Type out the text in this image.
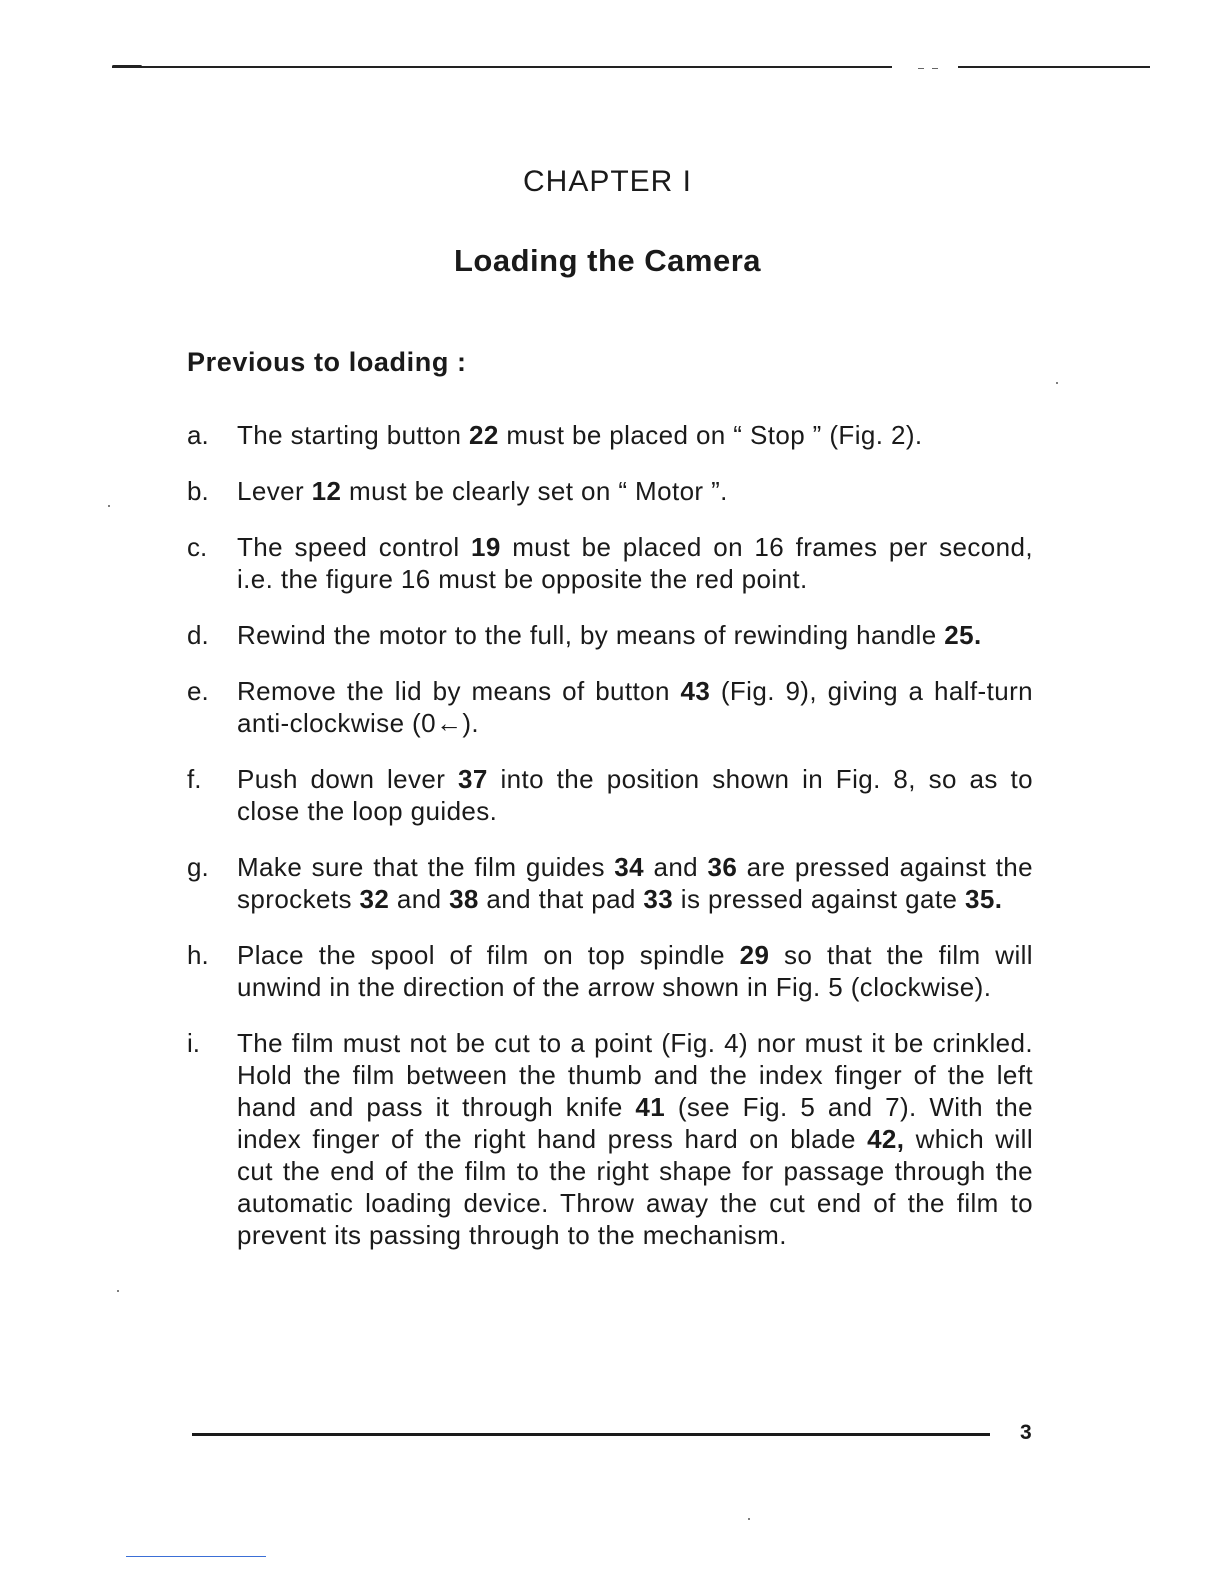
CHAPTER I
Loading the Camera
Previous to loading :
a.	The starting button 22 must be placed on “ Stop ” (Fig. 2).
b.	Lever 12 must be clearly set on “ Motor ”.
c.	The speed control 19 must be placed on 16 frames per second, i.e. the figure 16 must be opposite the red point.
d.	Rewind the motor to the full, by means of rewinding handle 25.
e.	Remove the lid by means of button 43 (Fig. 9), giving a half-turn anti-clockwise (0←).
f.	Push down lever 37 into the position shown in Fig. 8, so as to close the loop guides.
g.	Make sure that the film guides 34 and 36 are pressed against the sprockets 32 and 38 and that pad 33 is pressed against gate 35.
h.	Place the spool of film on top spindle 29 so that the film will unwind in the direction of the arrow shown in Fig. 5 (clockwise).
i.	The film must not be cut to a point (Fig. 4) nor must it be crinkled. Hold the film between the thumb and the index finger of the left hand and pass it through knife 41 (see Fig. 5 and 7). With the index finger of the right hand press hard on blade 42, which will cut the end of the film to the right shape for passage through the automatic loading device. Throw away the cut end of the film to prevent its passing through to the mechanism.
3
